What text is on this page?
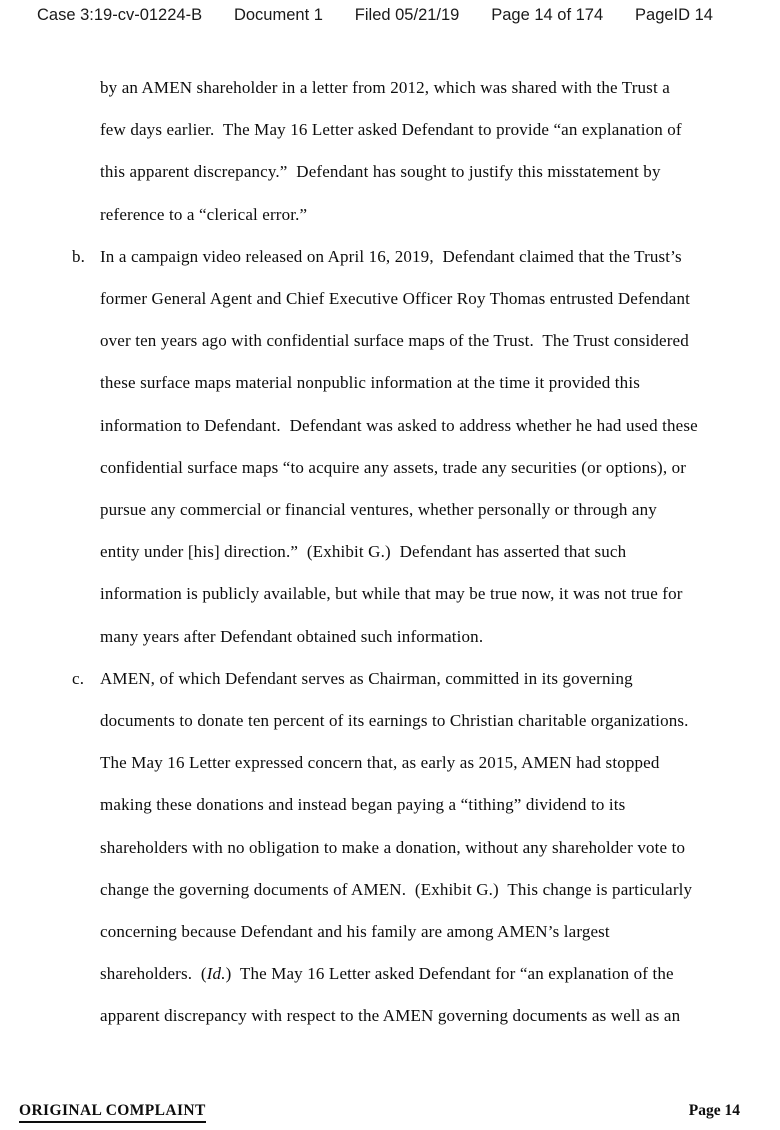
Case 3:19-cv-01224-B Document 1 Filed 05/21/19 Page 14 of 174 PageID 14
by an AMEN shareholder in a letter from 2012, which was shared with the Trust a
few days earlier.  The May 16 Letter asked Defendant to provide “an explanation of
this apparent discrepancy.”  Defendant has sought to justify this misstatement by
reference to a “clerical error.”
b. In a campaign video released on April 16, 2019,  Defendant claimed that the Trust’s
former General Agent and Chief Executive Officer Roy Thomas entrusted Defendant
over ten years ago with confidential surface maps of the Trust.  The Trust considered
these surface maps material nonpublic information at the time it provided this
information to Defendant.  Defendant was asked to address whether he had used these
confidential surface maps “to acquire any assets, trade any securities (or options), or
pursue any commercial or financial ventures, whether personally or through any
entity under [his] direction.”  (Exhibit G.)  Defendant has asserted that such
information is publicly available, but while that may be true now, it was not true for
many years after Defendant obtained such information.
c. AMEN, of which Defendant serves as Chairman, committed in its governing
documents to donate ten percent of its earnings to Christian charitable organizations.
The May 16 Letter expressed concern that, as early as 2015, AMEN had stopped
making these donations and instead began paying a “tithing” dividend to its
shareholders with no obligation to make a donation, without any shareholder vote to
change the governing documents of AMEN.  (Exhibit G.)  This change is particularly
concerning because Defendant and his family are among AMEN’s largest
shareholders.  (Id.)  The May 16 Letter asked Defendant for “an explanation of the
apparent discrepancy with respect to the AMEN governing documents as well as an
ORIGINAL COMPLAINT	Page 14
